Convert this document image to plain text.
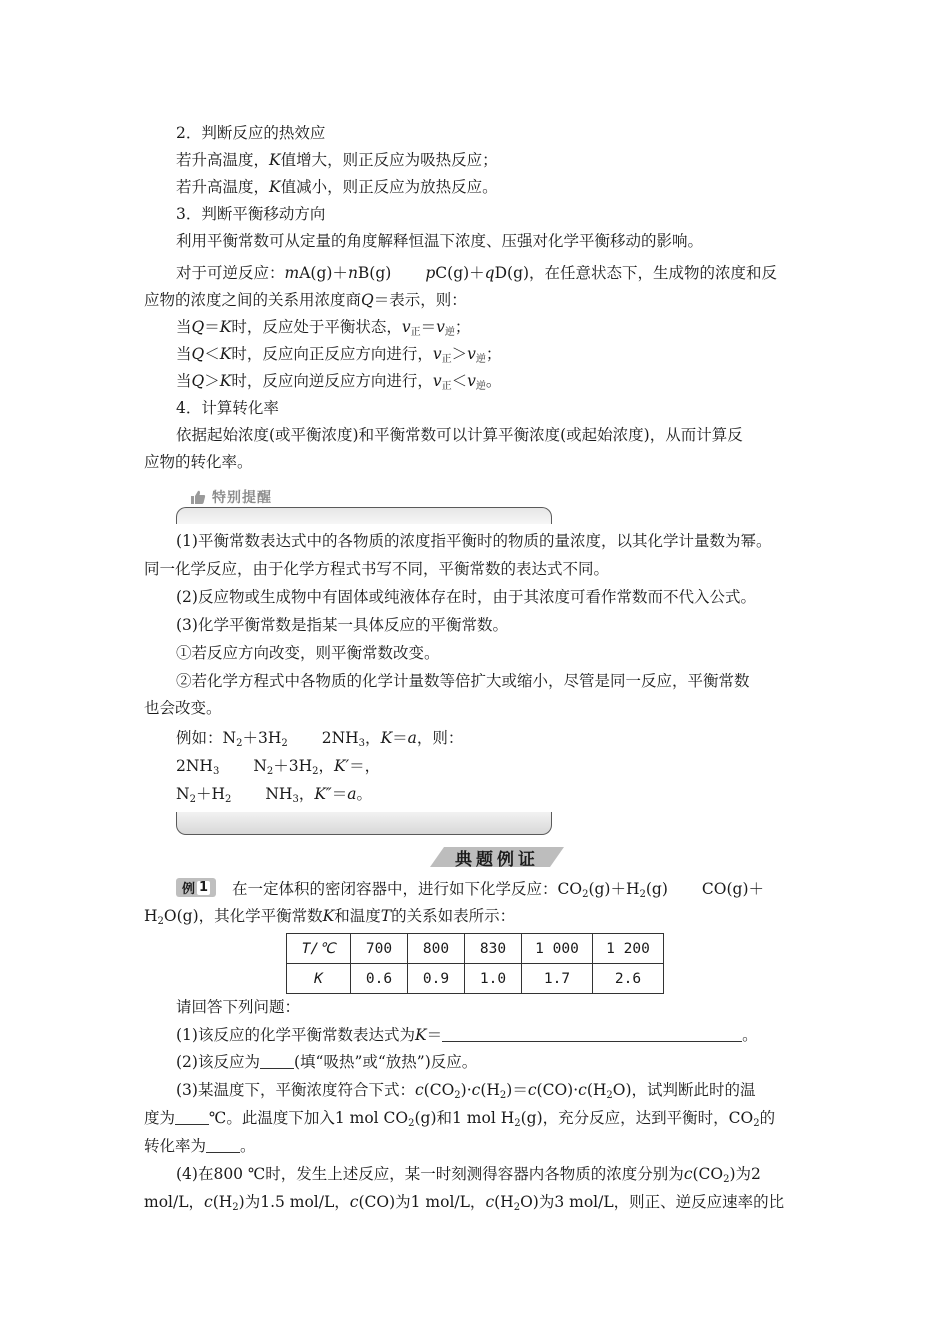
2．判断反应的热效应
若升高温度，K值增大，则正反应为吸热反应；
若升高温度，K值减小，则正反应为放热反应。
3．判断平衡移动方向
利用平衡常数可从定量的角度解释恒温下浓度、压强对化学平衡移动的影响。
对于可逆反应：mA(g)＋nB(g) pC(g)＋qD(g)，在任意状态下，生成物的浓度和反
应物的浓度之间的关系用浓度商Q＝表示，则：
当Q＝K时，反应处于平衡状态，$v_正=v_逆$；
当Q＜K时，反应向正反应方向进行，$v_正>v_逆$；
当Q＞K时，反应向逆反应方向进行，$v_正<v_逆$。
4．计算转化率
依据起始浓度(或平衡浓度)和平衡常数可以计算平衡浓度(或起始浓度)，从而计算反
应物的转化率。
特别提醒
(1)平衡常数表达式中的各物质的浓度指平衡时的物质的量浓度，以其化学计量数为幂。
同一化学反应，由于化学方程式书写不同，平衡常数的表达式不同。
(2)反应物或生成物中有固体或纯液体存在时，由于其浓度可看作常数而不代入公式。
(3)化学平衡常数是指某一具体反应的平衡常数。
①若反应方向改变，则平衡常数改变。
②若化学方程式中各物质的化学计量数等倍扩大或缩小，尽管是同一反应，平衡常数
也会改变。
例如：$N_2+3H_2$ $2NH_3$，K＝a，则：
$2NH_3$ $N_2+3H_2$，K′＝，
$N_2+H_2$ $NH_3$，K″＝a。
典题例证
例 1 在一定体积的密闭容器中，进行如下化学反应：$CO_2(g)+H_2(g)$ CO(g)＋
$H_2O(g)$，其化学平衡常数K和温度T的关系如表所示：
T/℃	700	800	830	1 000	1 200
K	0.6	0.9	1.0	1.7	2.6
请回答下列问题：
(1)该反应的化学平衡常数表达式为K＝	。
(2)该反应为 (填“吸热”或“放热”)反应。
(3)某温度下，平衡浓度符合下式：$c(CO_2)\cdot c(H_2)=c(CO)\cdot c(H_2O)$，试判断此时的温
度为 ℃。此温度下加入1 mol $CO_2(g)$和1 mol $H_2(g)$，充分反应，达到平衡时，$CO_2$的
转化率为 。
(4)在800 ℃时，发生上述反应，某一时刻测得容器内各物质的浓度分别为$c(CO_2)$为2
mol/L，$c(H_2)$为1.5 mol/L，c(CO)为1 mol/L，$c(H_2O)$为3 mol/L，则正、逆反应速率的比
